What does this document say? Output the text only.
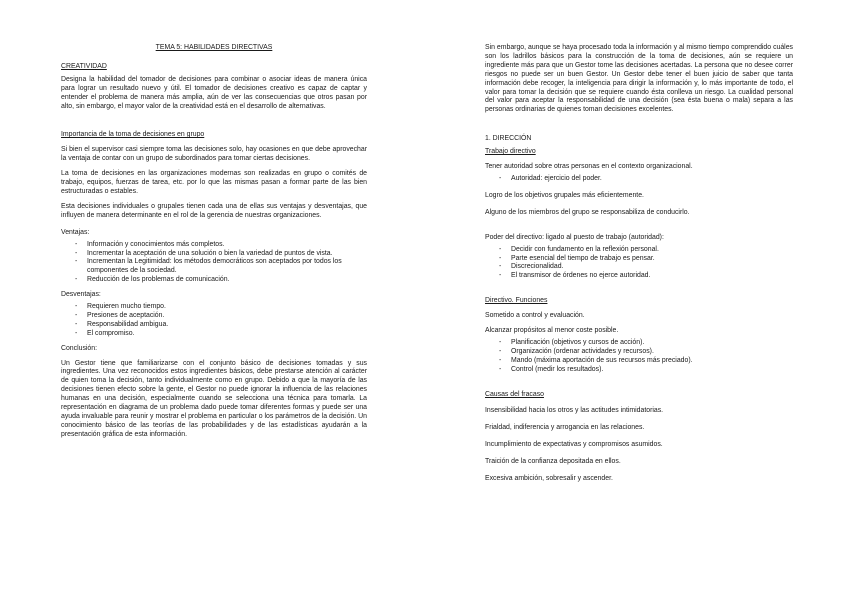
TEMA 5: HABILIDADES DIRECTIVAS

CREATIVIDAD

Designa la habilidad del tomador de decisiones para combinar o asociar ideas de manera única para lograr un resultado nuevo y útil. El tomador de decisiones creativo es capaz de captar y entender el problema de manera más amplia, aún de ver las consecuencias que otros pasan por alto, sin embargo, el mayor valor de la creatividad está en el desarrollo de alternativas.

Importancia de la toma de decisiones en grupo

Si bien el supervisor casi siempre toma las decisiones solo, hay ocasiones en que debe aprovechar la ventaja de contar con un grupo de subordinados para tomar ciertas decisiones.

La toma de decisiones en las organizaciones modernas son realizadas en grupo o comités de trabajo, equipos, fuerzas de tarea, etc. por lo que las mismas pasan a formar parte de las bien estructuradas o estables.

Esta decisiones individuales o grupales tienen cada una de ellas sus ventajas y desventajas, que influyen de manera determinante en el rol de la gerencia de nuestras organizaciones.

Ventajas:

- Información y conocimientos más completos.
- Incrementar la aceptación de una solución o bien la variedad de puntos de vista.
- Incrementan la Legitimidad: los métodos democráticos son aceptados por todos los componentes de la sociedad.
- Reducción de los problemas de comunicación.

Desventajas:

- Requieren mucho tiempo.
- Presiones de aceptación.
- Responsabilidad ambigua.
- El compromiso.

Conclusión:

Un Gestor tiene que familiarizarse con el conjunto básico de decisiones tomadas y sus ingredientes. Una vez reconocidos estos ingredientes básicos, debe prestarse atención al carácter de quien toma la decisión, tanto individualmente como en grupo. Debido a que la mayoría de las decisiones tienen efecto sobre la gente, el Gestor no puede ignorar la influencia de las relaciones humanas en una decisión, especialmente cuando se selecciona una técnica para tomarla. La representación en diagrama de un problema dado puede tomar diferentes formas y puede ser una ayuda invaluable para reunir y mostrar el problema en particular o los parámetros de la decisión. Un conocimiento básico de las teorías de las probabilidades y de las estadísticas ayudarán a la presentación gráfica de esta información.

Sin embargo, aunque se haya procesado toda la información y al mismo tiempo comprendido cuáles son los ladrillos básicos para la construcción de la toma de decisiones, aún se requiere un ingrediente más para que un Gestor tome las decisiones acertadas. La persona que no desee correr riesgos no puede ser un buen Gestor. Un Gestor debe tener el buen juicio de saber que tanta información debe recoger, la inteligencia para dirigir la información y, lo más importante de todo, el valor para tomar la decisión que se requiere cuando ésta conlleva un riesgo. La cualidad personal del valor para aceptar la responsabilidad de una decisión (sea ésta buena o mala) separa a las personas ordinarias de quienes toman decisiones excelentes.

1. DIRECCIÓN

Trabajo directivo

Tener autoridad sobre otras personas en el contexto organizacional.

- Autoridad: ejercicio del poder.

Logro de los objetivos grupales más eficientemente.

Alguno de los miembros del grupo se responsabiliza de conducirlo.

Poder del directivo: ligado al puesto de trabajo (autoridad):

- Decidir con fundamento en la reflexión personal.
- Parte esencial del tiempo de trabajo es pensar.
- Discrecionalidad.
- El transmisor de órdenes no ejerce autoridad.

Directivo. Funciones

Sometido a control y evaluación.

Alcanzar propósitos al menor coste posible.

- Planificación (objetivos y cursos de acción).
- Organización (ordenar actividades y recursos).
- Mando (máxima aportación de sus recursos más preciado).
- Control (medir los resultados).

Causas del fracaso

Insensibilidad hacia los otros y las actitudes intimidatorias.

Frialdad, indiferencia y arrogancia en las relaciones.

Incumplimiento de expectativas y compromisos asumidos.

Traición de la confianza depositada en ellos.

Excesiva ambición, sobresalir y ascender.
